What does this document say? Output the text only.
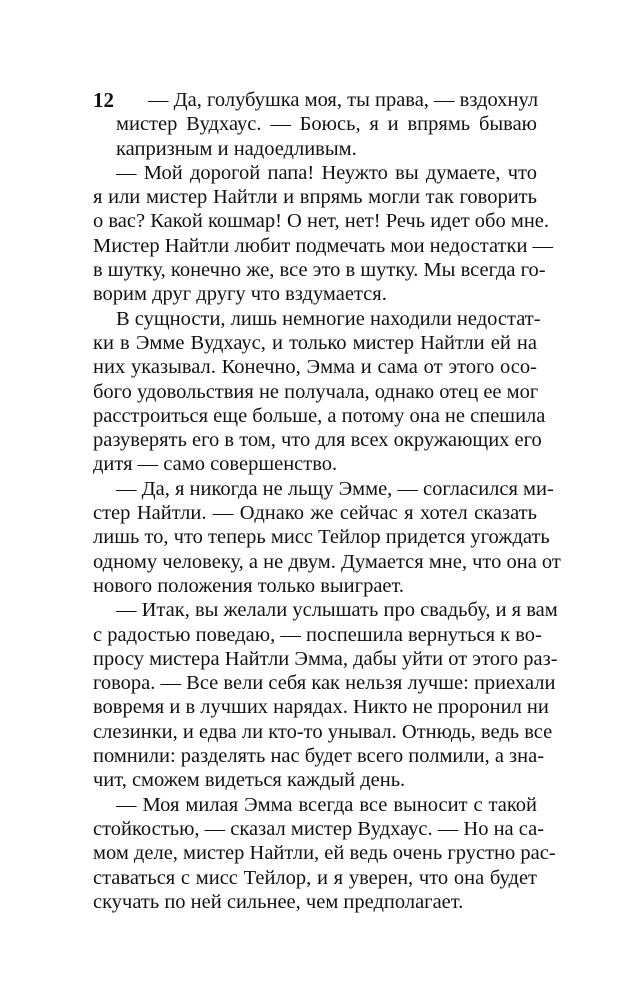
12	— Да, голубушка моя, ты права, — вздохнул
мистер Вудхаус. — Боюсь, я и впрямь бываю
капризным и надоедливым.
— Мой дорогой папа! Неужто вы думаете, что
я или мистер Найтли и впрямь могли так говорить
о вас? Какой кошмар! О нет, нет! Речь идет обо мне.
Мистер Найтли любит подмечать мои недостатки —
в шутку, конечно же, все это в шутку. Мы всегда го-
ворим друг другу что вздумается.
В сущности, лишь немногие находили недостат-
ки в Эмме Вудхаус, и только мистер Найтли ей на
них указывал. Конечно, Эмма и сама от этого осо-
бого удовольствия не получала, однако отец ее мог
расстроиться еще больше, а потому она не спешила
разуверять его в том, что для всех окружающих его
дитя — само совершенство.
— Да, я никогда не льщу Эмме, — согласился ми-
стер Найтли. — Однако же сейчас я хотел сказать
лишь то, что теперь мисс Тейлор придется угождать
одному человеку, а не двум. Думается мне, что она от
нового положения только выиграет.
— Итак, вы желали услышать про свадьбу, и я вам
с радостью поведаю, — поспешила вернуться к во-
просу мистера Найтли Эмма, дабы уйти от этого раз-
говора. — Все вели себя как нельзя лучше: приехали
вовремя и в лучших нарядах. Никто не проронил ни
слезинки, и едва ли кто-то унывал. Отнюдь, ведь все
помнили: разделять нас будет всего полмили, а зна-
чит, сможем видеться каждый день.
— Моя милая Эмма всегда все выносит с такой
стойкостью, — сказал мистер Вудхаус. — Но на са-
мом деле, мистер Найтли, ей ведь очень грустно рас-
ставаться с мисс Тейлор, и я уверен, что она будет
скучать по ней сильнее, чем предполагает.
